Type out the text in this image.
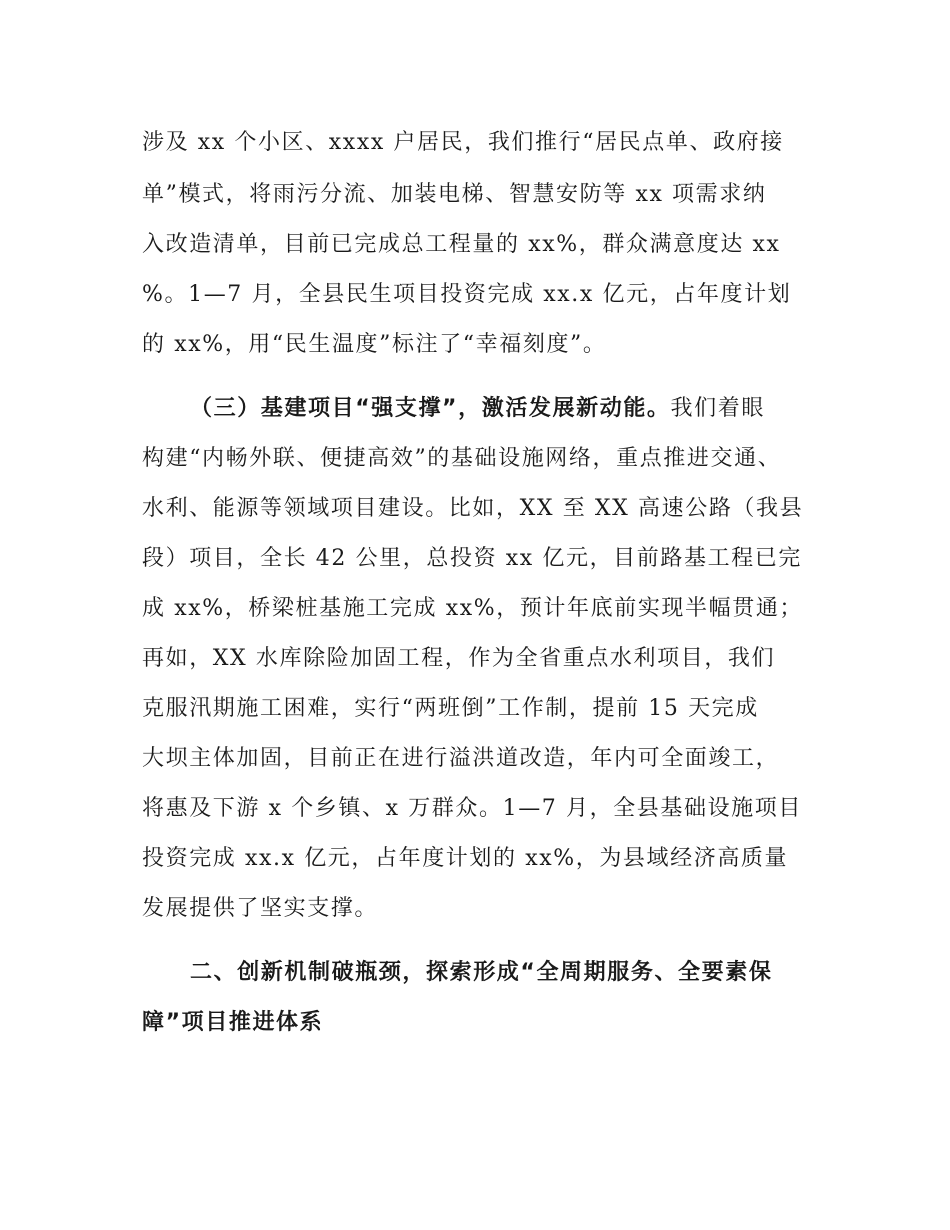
涉及 xx 个小区、xxxx 户居民，我们推行“居民点单、政府接
单”模式，将雨污分流、加装电梯、智慧安防等 xx 项需求纳
入改造清单，目前已完成总工程量的 xx%，群众满意度达 xx
%。1—7 月，全县民生项目投资完成 xx.x 亿元，占年度计划
的 xx%，用“民生温度”标注了“幸福刻度”。
（三）基建项目“强支撑”，激活发展新动能。我们着眼
构建“内畅外联、便捷高效”的基础设施网络，重点推进交通、
水利、能源等领域项目建设。比如，XX 至 XX 高速公路（我县
段）项目，全长 42 公里，总投资 xx 亿元，目前路基工程已完
成 xx%，桥梁桩基施工完成 xx%，预计年底前实现半幅贯通；
再如，XX 水库除险加固工程，作为全省重点水利项目，我们
克服汛期施工困难，实行“两班倒”工作制，提前 15 天完成
大坝主体加固，目前正在进行溢洪道改造，年内可全面竣工，
将惠及下游 x 个乡镇、x 万群众。1—7 月，全县基础设施项目
投资完成 xx.x 亿元，占年度计划的 xx%，为县域经济高质量
发展提供了坚实支撑。
二、创新机制破瓶颈，探索形成“全周期服务、全要素保
障”项目推进体系
